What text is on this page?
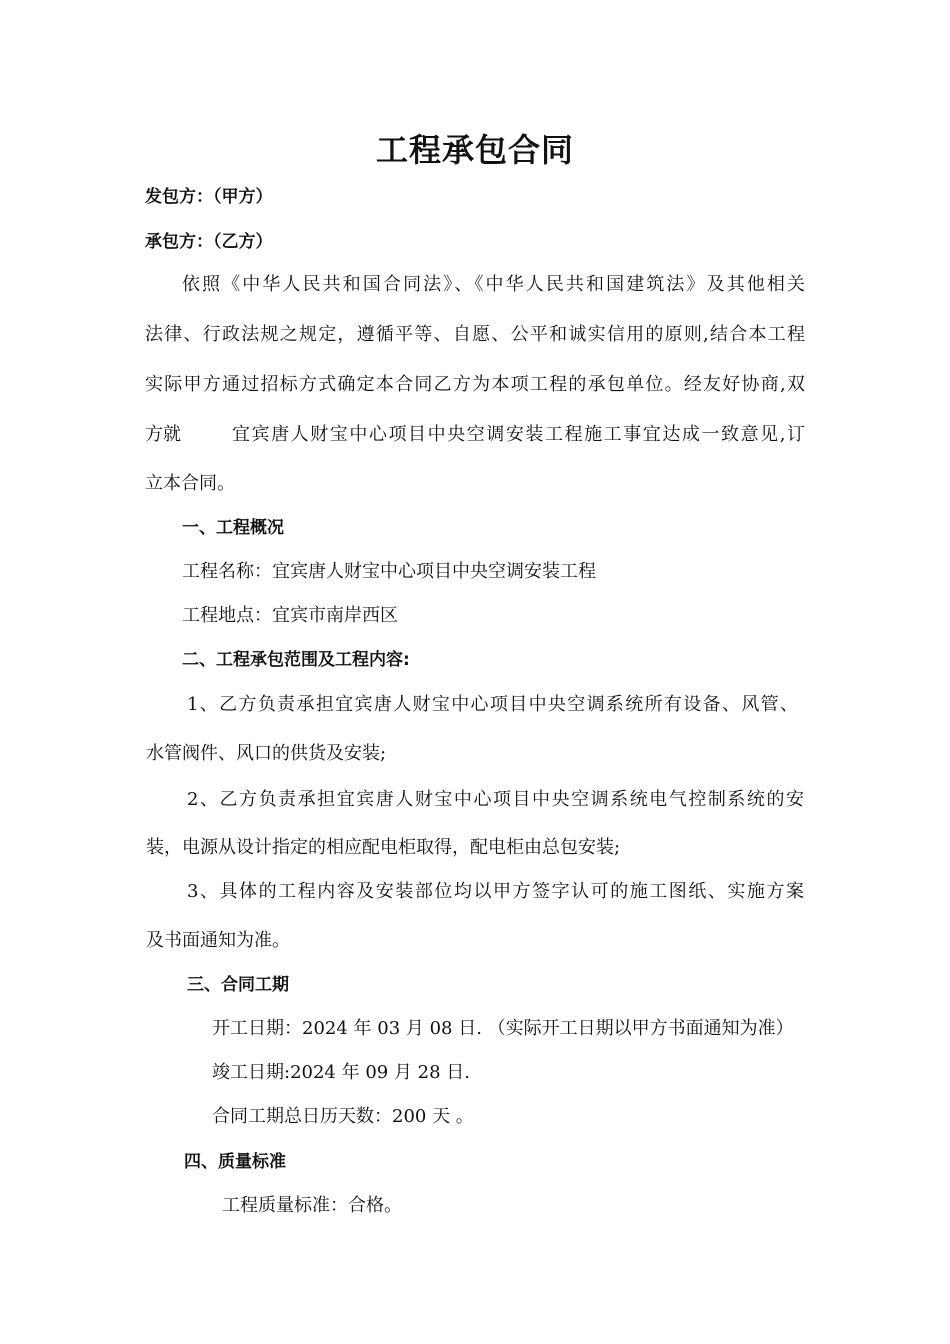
工程承包合同
发包方：（甲方）
承包方：（乙方）
依照《中华人民共和国合同法》、《中华人民共和国建筑法》及其他相关
法律、行政法规之规定，遵循平等、自愿、公平和诚实信用的原则,结合本工程
实际甲方通过招标方式确定本合同乙方为本项工程的承包单位。经友好协商,双
方就	宜宾唐人财宝中心项目中央空调安装工程施工事宜达成一致意见,订
立本合同。
一、工程概况
工程名称：宜宾唐人财宝中心项目中央空调安装工程
工程地点：宜宾市南岸西区
二、工程承包范围及工程内容:
1、乙方负责承担宜宾唐人财宝中心项目中央空调系统所有设备、风管、
水管阀件、风口的供货及安装;
2、乙方负责承担宜宾唐人财宝中心项目中央空调系统电气控制系统的安
装，电源从设计指定的相应配电柜取得，配电柜由总包安装;
3、具体的工程内容及安装部位均以甲方签字认可的施工图纸、实施方案
及书面通知为准。
三、合同工期
开工日期：2024 年 03 月 08 日. （实际开工日期以甲方书面通知为准）
竣工日期:2024 年 09 月 28 日.
合同工期总日历天数：200 天 。
四、质量标准
工程质量标准：合格。
